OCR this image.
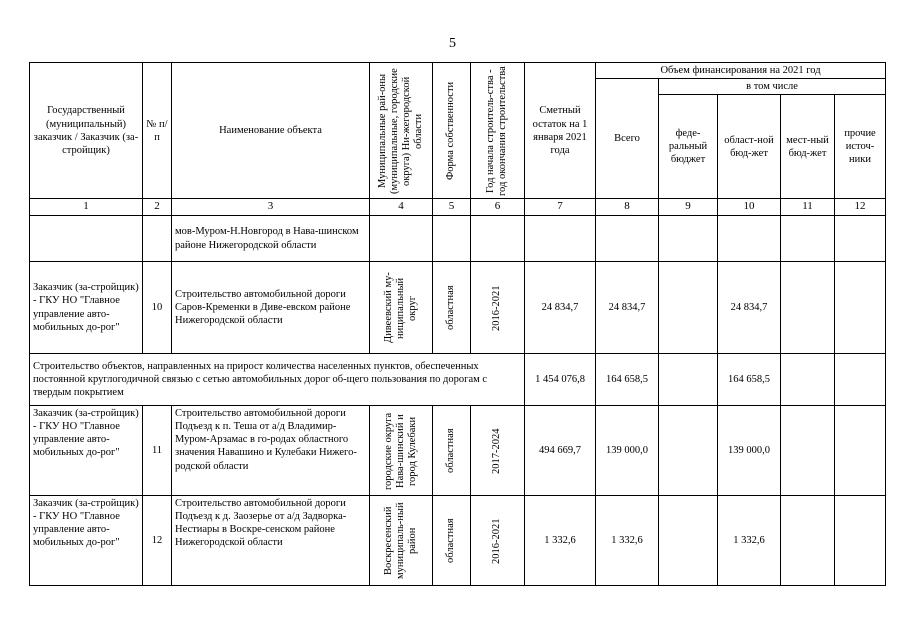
5
Государственный (муниципальный) заказчик / Заказчик (за-стройщик)	№ п/п	Наименование объекта	Муниципальные рай-оны (муниципальные, городские округа) Ни-жегородской области	Форма собственности	Год начала строитель-ства - год окончания строительства	Сметный остаток на 1 января 2021 года	Объем финансирования на 2021 год				
							Всего	в том числе			
								феде-ральный бюджет	област-ной бюд-жет	мест-ный бюд-жет	прочие источ-ники
1	2	3	4	5	6	7	8	9	10	11	12
		мов-Муром-Н.Новгород в Нава-шинском районе Нижегородской области									
Заказчик (за-стройщик) - ГКУ НО "Главное управление авто-мобильных до-рог"	10	Строительство автомобильной дороги Саров-Кременки в Диве-евском районе Нижегородской области	Дивеевский му-ниципальный округ	областная	2016-2021	24 834,7	24 834,7		24 834,7		
Строительство объектов, направленных на прирост количества населенных пунктов, обеспеченных постоянной круглогодичной связью с сетью автомобильных дорог об-щего пользования по дорогам с твердым покрытием						1 454 076,8	164 658,5		164 658,5		
Заказчик (за-стройщик) - ГКУ НО "Главное управление авто-мобильных до-рог"	11	Строительство автомобильной дороги Подъезд к п. Теша от а/д Владимир-Муром-Арзамас в го-родах областного значения Навашино и Кулебаки Нижего-родской области	городские округа Нава-шинский и город Кулебаки	областная	2017-2024	494 669,7	139 000,0		139 000,0		
Заказчик (за-стройщик) - ГКУ НО "Главное управление авто-мобильных до-рог"	12	Строительство автомобильной дороги Подъезд к д. Заозерье от а/д Задворка-Нестиары в Воскре-сенском районе Нижегородской области	Воскресенский муниципаль-ный район	областная	2016-2021	1 332,6	1 332,6		1 332,6		
